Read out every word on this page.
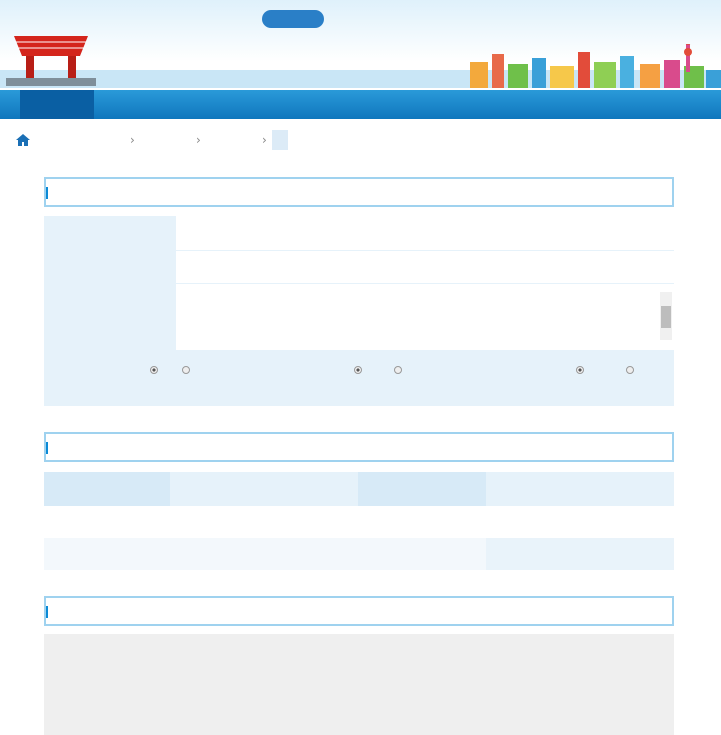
›	›	›
